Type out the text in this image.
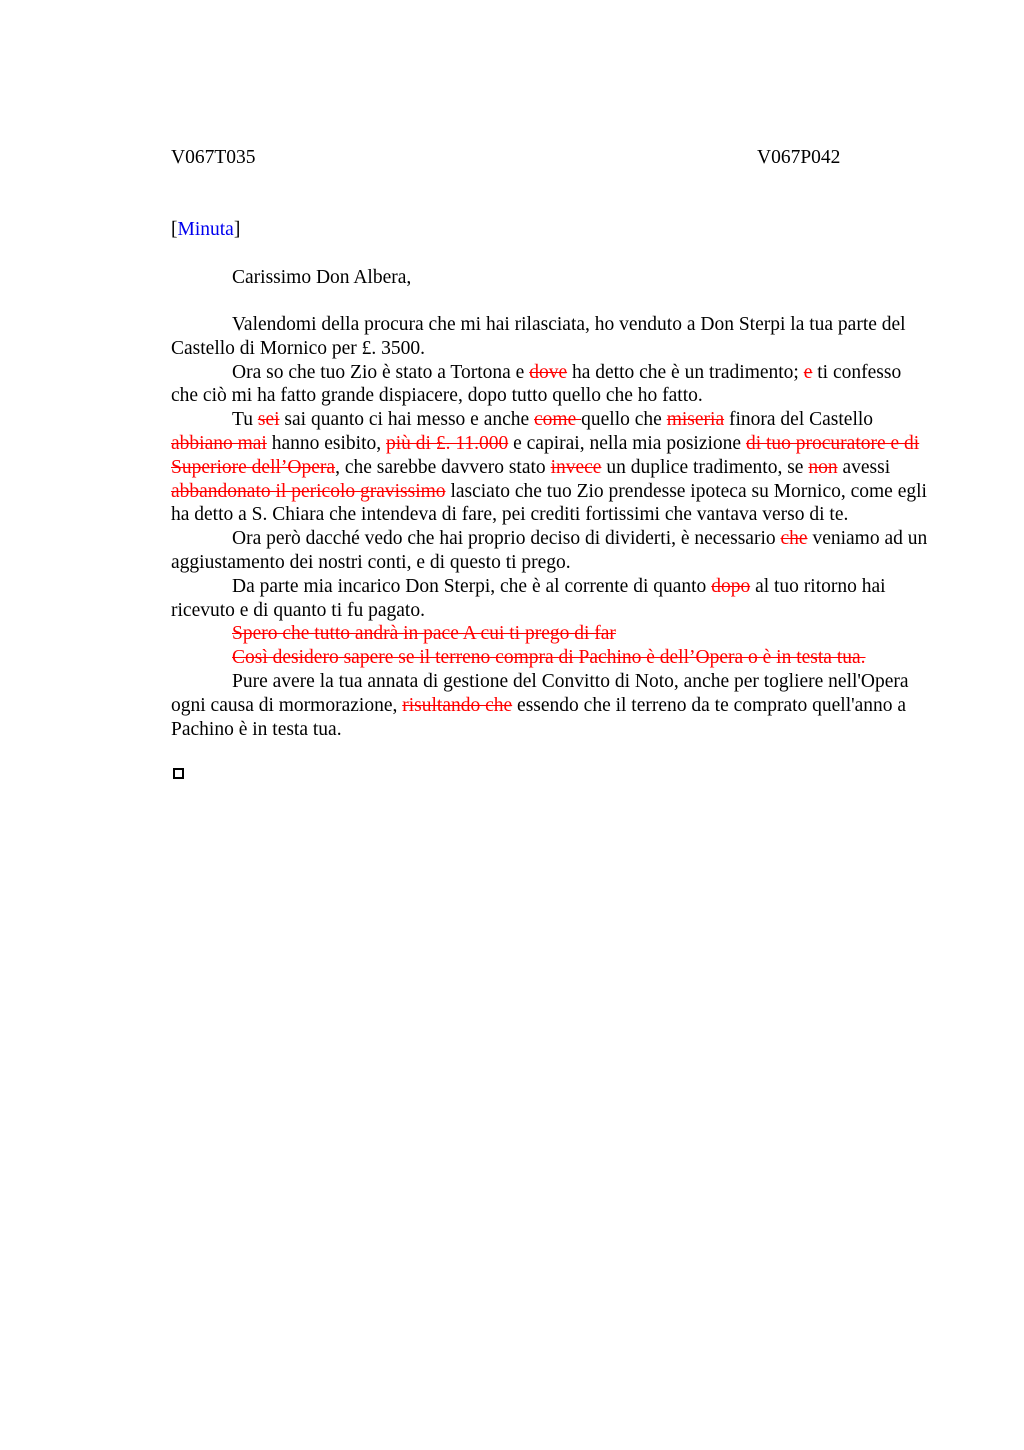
V067T035	V067P042
[Minuta]
Carissimo Don Albera,

Valendomi della procura che mi hai rilasciata, ho venduto a Don Sterpi la tua parte del Castello di Mornico per £. 3500.

Ora so che tuo Zio è stato a Tortona e dove ha detto che è un tradimento; e ti confesso che ciò mi ha fatto grande dispiacere, dopo tutto quello che ho fatto.

Tu sei sai quanto ci hai messo e anche come quello che miseria finora del Castello abbiano mai hanno esibito, più di £. 11.000 e capirai, nella mia posizione di tuo procuratore e di Superiore dell’Opera, che sarebbe davvero stato invece un duplice tradimento, se non avessi abbandonato il pericolo gravissimo lasciato che tuo Zio prendesse ipoteca su Mornico, come egli ha detto a S. Chiara che intendeva di fare, pei crediti fortissimi che vantava verso di te.

Ora però dacché vedo che hai proprio deciso di dividerti, è necessario che veniamo ad un aggiustamento dei nostri conti, e di questo ti prego.

Da parte mia incarico Don Sterpi, che è al corrente di quanto dopo al tuo ritorno hai ricevuto e di quanto ti fu pagato.

Spero che tutto andrà in pace A cui ti prego di far

Così desidero sapere se il terreno compra di Pachino è dell’Opera o è in testa tua.

Pure avere la tua annata di gestione del Convitto di Noto, anche per togliere nell'Opera ogni causa di mormorazione, risultando che essendo che il terreno da te comprato quell'anno a Pachino è in testa tua.
